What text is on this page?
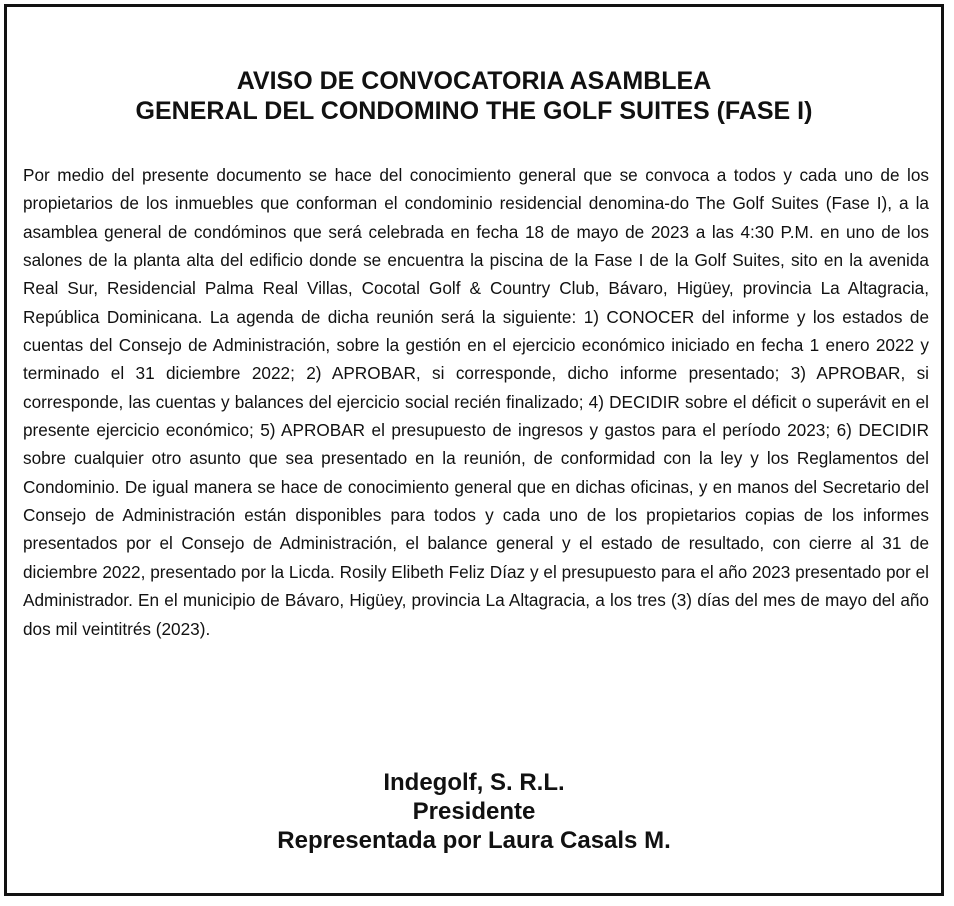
AVISO DE CONVOCATORIA ASAMBLEA
GENERAL DEL CONDOMINO THE GOLF SUITES (FASE I)

Por medio del presente documento se hace del conocimiento general que se convoca a todos y cada uno de los propietarios de los inmuebles que conforman el condominio residencial denomina-do The Golf Suites (Fase I), a la asamblea general de condóminos que será celebrada en fecha 18 de mayo de 2023 a las 4:30 P.M. en uno de los salones de la planta alta del edificio donde se encuentra la piscina de la Fase I de la Golf Suites, sito en la avenida Real Sur, Residencial Palma Real Villas, Cocotal Golf & Country Club, Bávaro, Higüey, provincia La Altagracia, República Dominicana. La agenda de dicha reunión será la siguiente: 1) CONOCER del informe y los estados de cuentas del Consejo de Administración, sobre la gestión en el ejercicio económico iniciado en fecha 1 enero 2022 y terminado el 31 diciembre 2022; 2) APROBAR, si corresponde, dicho informe presentado; 3) APROBAR, si corresponde, las cuentas y balances del ejercicio social recién finalizado; 4) DECIDIR sobre el déficit o superávit en el presente ejercicio económico; 5) APROBAR el presupuesto de ingresos y gastos para el período 2023; 6) DECIDIR sobre cualquier otro asunto que sea presentado en la reunión, de conformidad con la ley y los Reglamentos del Condominio. De igual manera se hace de conocimiento general que en dichas oficinas, y en manos del Secretario del Consejo de Administración están disponibles para todos y cada uno de los propietarios copias de los informes presentados por el Consejo de Administración, el balance general y el estado de resultado, con cierre al 31 de diciembre 2022, presentado por la Licda. Rosily Elibeth Feliz Díaz y el presupuesto para el año 2023 presentado por el Administrador. En el municipio de Bávaro, Higüey, provincia La Altagracia, a los tres (3) días del mes de mayo del año dos mil veintitrés (2023).

Indegolf, S. R.L.
Presidente
Representada por Laura Casals M.
